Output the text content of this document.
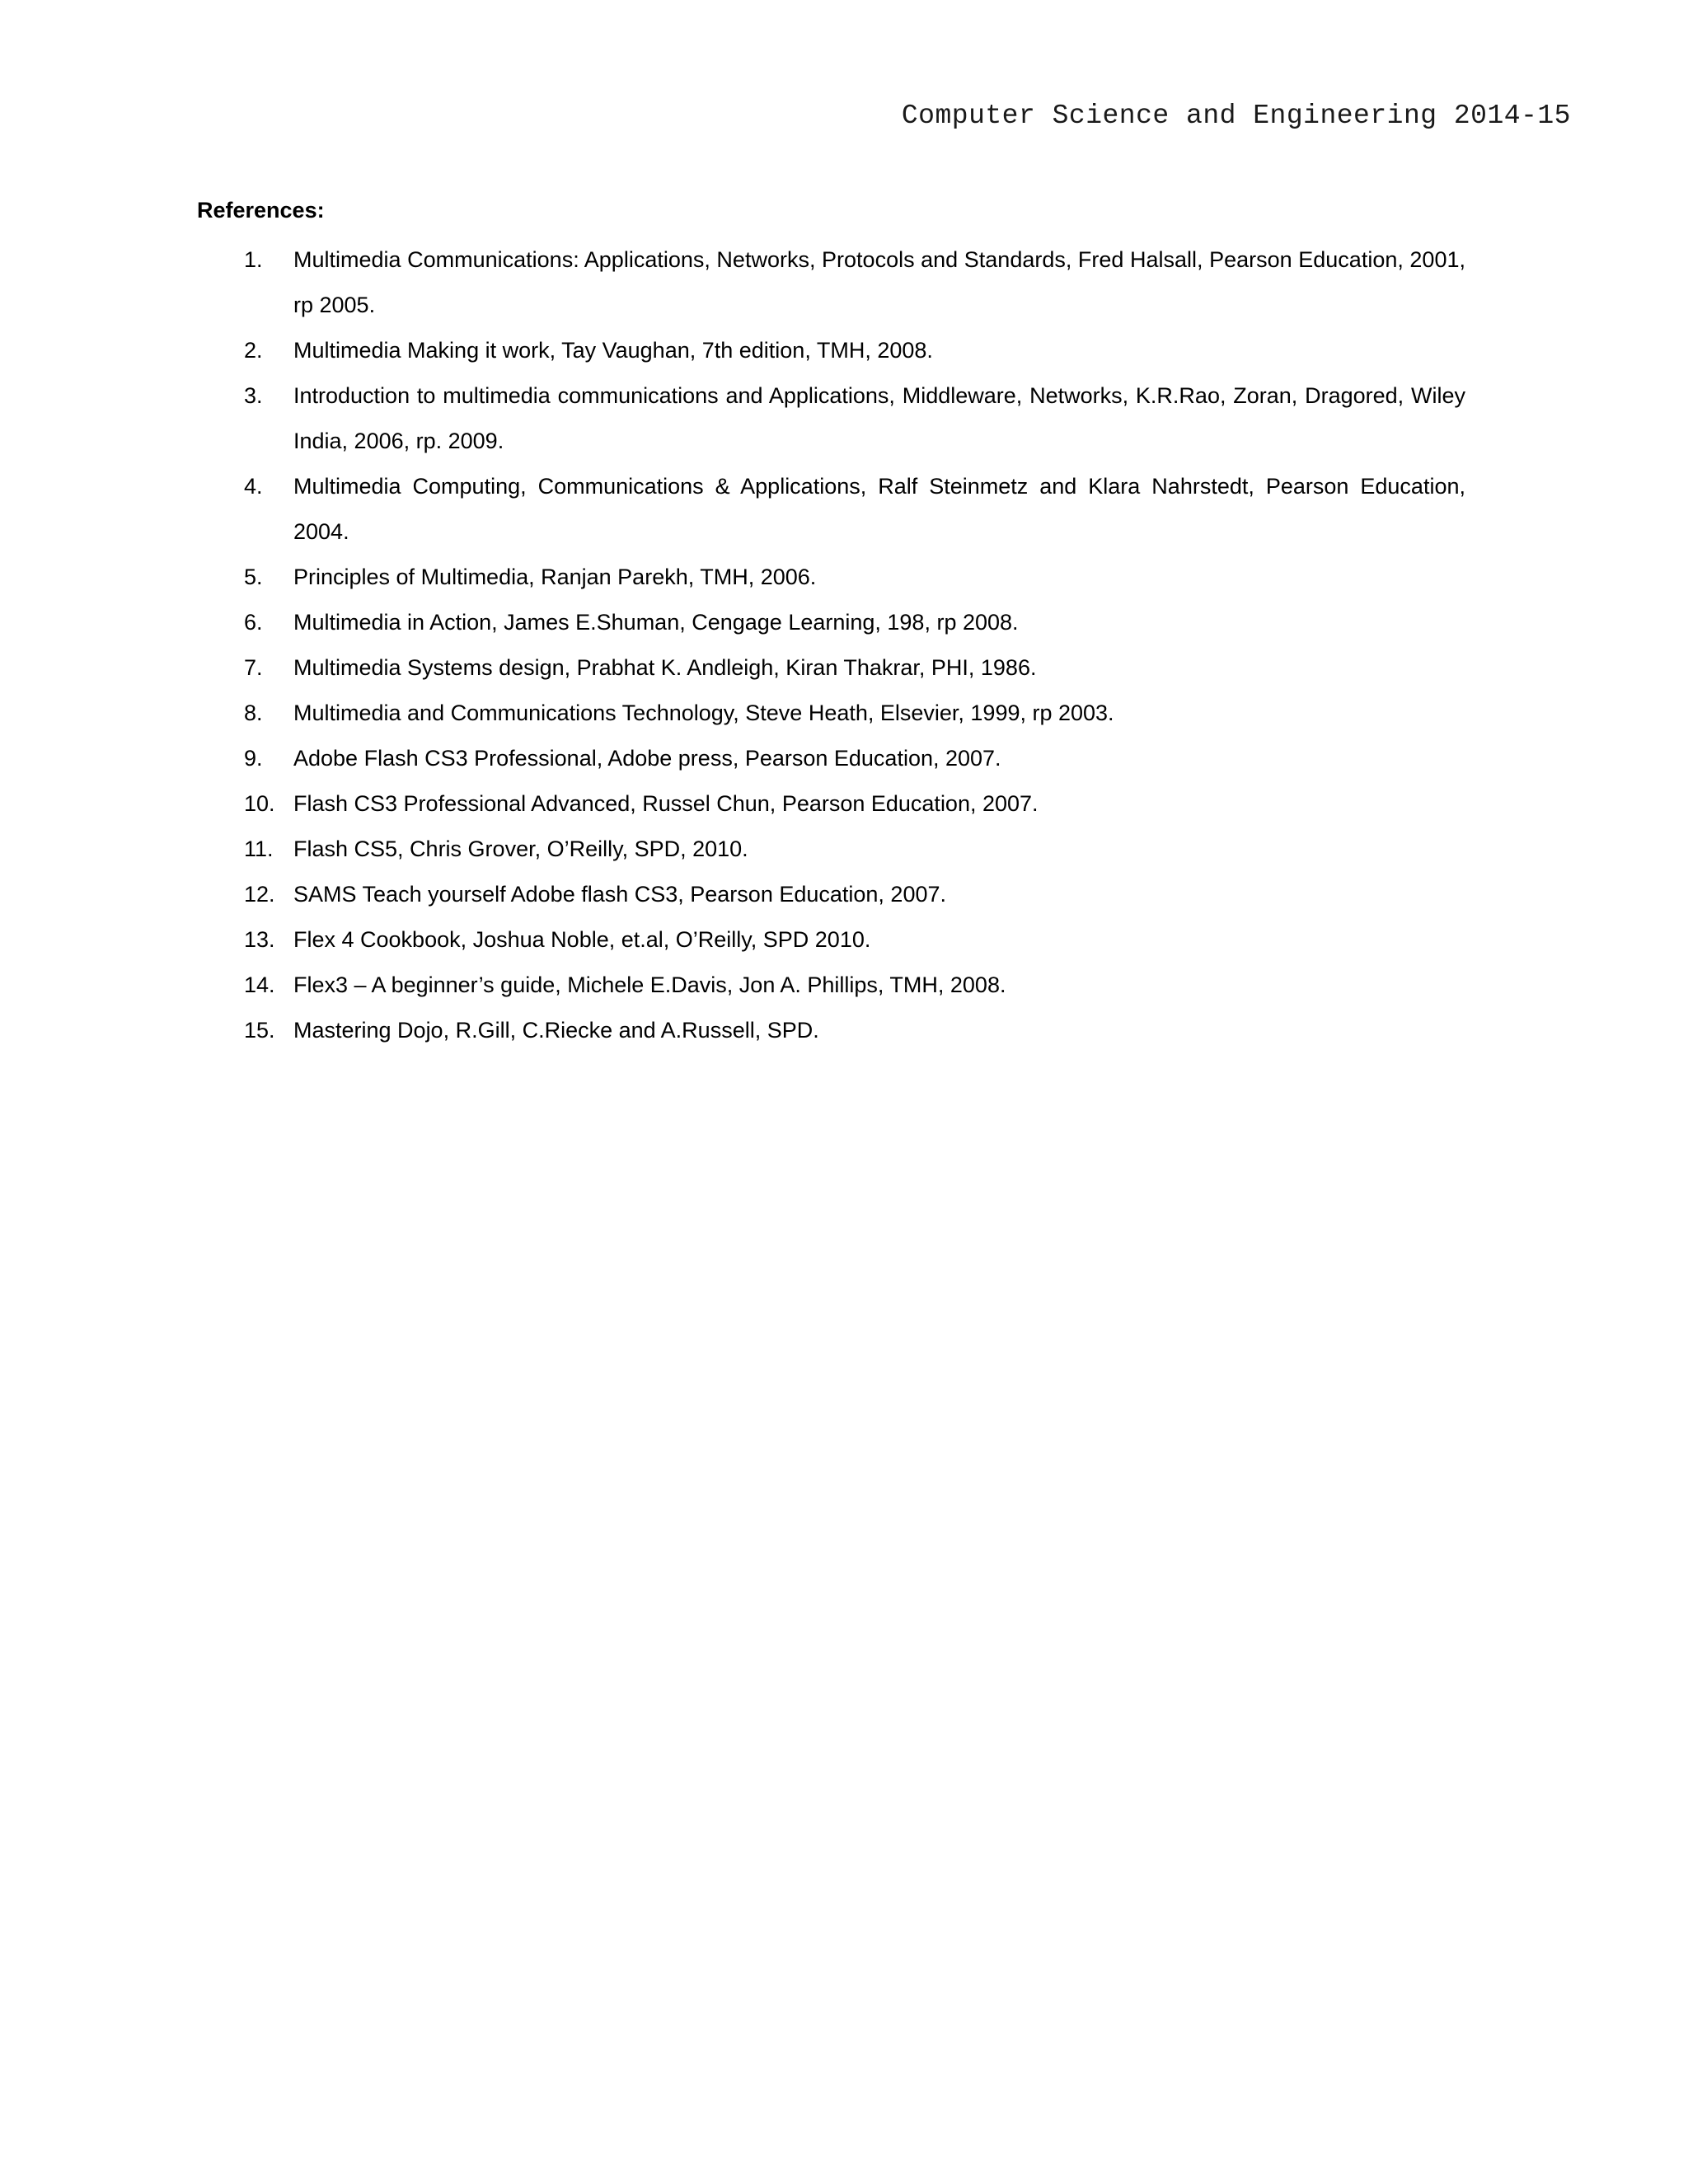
Computer Science and Engineering 2014-15
References:
1.	Multimedia Communications: Applications, Networks, Protocols and Standards, Fred Halsall, Pearson Education, 2001, rp 2005.
2.	Multimedia Making it work, Tay Vaughan, 7th edition, TMH, 2008.
3.	Introduction to multimedia communications and Applications, Middleware, Networks, K.R.Rao, Zoran, Dragored, Wiley India, 2006, rp. 2009.
4.	Multimedia Computing, Communications & Applications, Ralf Steinmetz and Klara Nahrstedt, Pearson Education, 2004.
5.	Principles of Multimedia, Ranjan Parekh, TMH, 2006.
6.	Multimedia in Action, James E.Shuman, Cengage Learning, 198, rp 2008.
7.	Multimedia Systems design, Prabhat K. Andleigh, Kiran Thakrar, PHI, 1986.
8.	Multimedia and Communications Technology, Steve Heath, Elsevier, 1999, rp 2003.
9.	Adobe Flash CS3 Professional, Adobe press, Pearson Education, 2007.
10. Flash CS3 Professional Advanced, Russel Chun, Pearson Education, 2007.
11. Flash CS5, Chris Grover, O’Reilly, SPD, 2010.
12. SAMS Teach yourself Adobe flash CS3, Pearson Education, 2007.
13. Flex 4 Cookbook, Joshua Noble, et.al, O’Reilly, SPD 2010.
14. Flex3 – A beginner’s guide, Michele E.Davis, Jon A. Phillips, TMH, 2008.
15. Mastering Dojo, R.Gill, C.Riecke and A.Russell, SPD.
